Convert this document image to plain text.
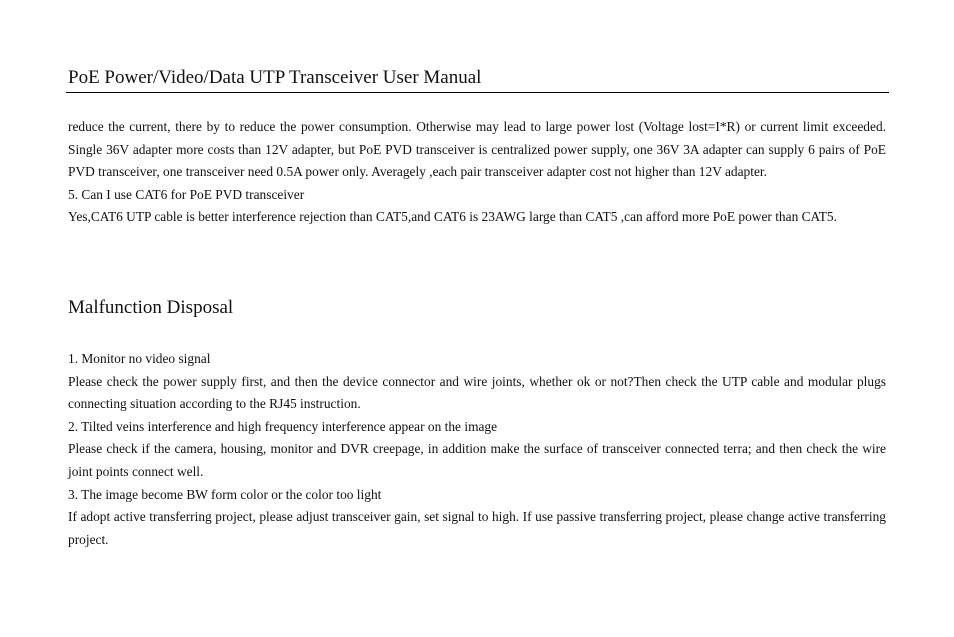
PoE Power/Video/Data UTP Transceiver User Manual

reduce the current, there by to reduce the power consumption. Otherwise may lead to large power lost (Voltage lost=I*R) or current limit exceeded. Single 36V adapter more costs than 12V adapter, but PoE PVD transceiver is centralized power supply, one 36V 3A adapter can supply 6 pairs of PoE PVD transceiver, one transceiver need 0.5A power only. Averagely ,each pair transceiver adapter cost not higher than 12V adapter.

5. Can I use CAT6 for PoE PVD transceiver

Yes,CAT6 UTP cable is better interference rejection than CAT5,and CAT6 is 23AWG large than CAT5 ,can afford more PoE power than CAT5.

Malfunction Disposal

1. Monitor no video signal

Please check the power supply first, and then the device connector and wire joints, whether ok or not?Then check the UTP cable and modular plugs connecting situation according to the RJ45 instruction.

2. Tilted veins interference and high frequency interference appear on the image

Please check if the camera, housing, monitor and DVR creepage, in addition make the surface of transceiver connected terra; and then check the wire joint points connect well.

3. The image become BW form color or the color too light

If adopt active transferring project, please adjust transceiver gain, set signal to high. If use passive transferring project, please change active transferring project.
